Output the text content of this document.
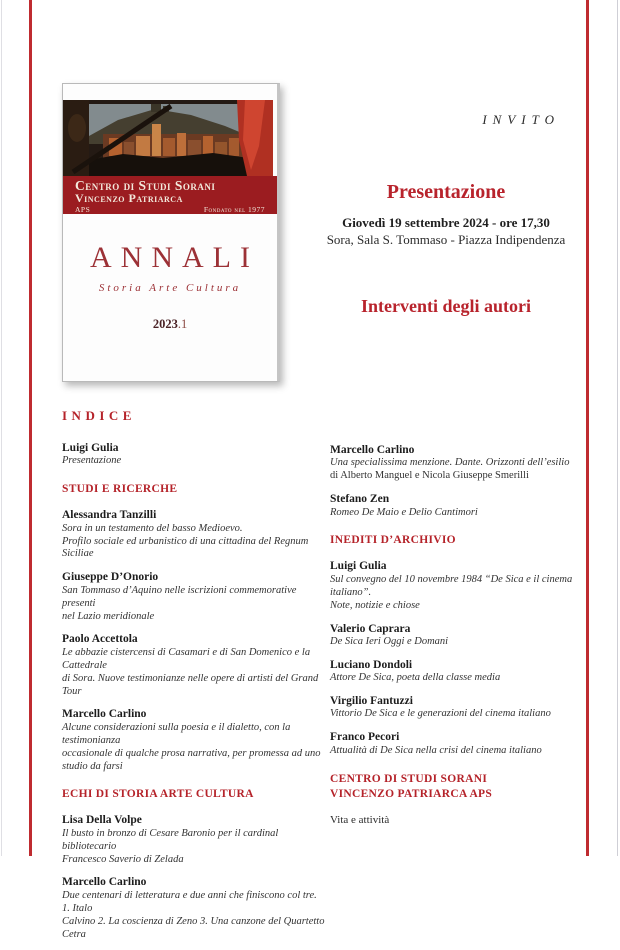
Centro di Studi Sorani
Vincenzo Patriarca
APS	Fondato nel 1977
ANNALI
Storia Arte Cultura
2023.1
INVITO
Presentazione
Giovedì 19 settembre 2024 - ore 17,30
Sora, Sala S. Tommaso - Piazza Indipendenza
Interventi degli autori
INDICE
Luigi Gulia
Presentazione
STUDI E RICERCHE
Alessandra Tanzilli
Sora in un testamento del basso Medioevo.
Profilo sociale ed urbanistico di una cittadina del Regnum Siciliae
Giuseppe D’Onorio
San Tommaso d’Aquino nelle iscrizioni commemorative presenti
nel Lazio meridionale
Paolo Accettola
Le abbazie cistercensi di Casamari e di San Domenico e la Cattedrale
di Sora. Nuove testimonianze nelle opere di artisti del Grand Tour
Marcello Carlino
Alcune considerazioni sulla poesia e il dialetto, con la testimonianza
occasionale di qualche prosa narrativa, per promessa ad uno studio da farsi
ECHI DI STORIA ARTE CULTURA
Lisa Della Volpe
Il busto in bronzo di Cesare Baronio per il cardinal bibliotecario
Francesco Saverio di Zelada
Marcello Carlino
Due centenari di letteratura e due anni che finiscono col tre. 1. Italo
Calvino 2. La coscienza di Zeno 3. Una canzone del Quartetto Cetra
Marcello Carlino
Una specialissima menzione. Dante. Orizzonti dell’esilio
di Alberto Manguel e Nicola Giuseppe Smerilli
Stefano Zen
Romeo De Maio e Delio Cantimori
INEDITI D’ARCHIVIO
Luigi Gulia
Sul convegno del 10 novembre 1984 “De Sica e il cinema italiano”.
Note, notizie e chiose
Valerio Caprara
De Sica Ieri Oggi e Domani
Luciano Dondoli
Attore De Sica, poeta della classe media
Virgilio Fantuzzi
Vittorio De Sica e le generazioni del cinema italiano
Franco Pecori
Attualità di De Sica nella crisi del cinema italiano
CENTRO DI STUDI SORANI
VINCENZO PATRIARCA APS
Vita e attività
